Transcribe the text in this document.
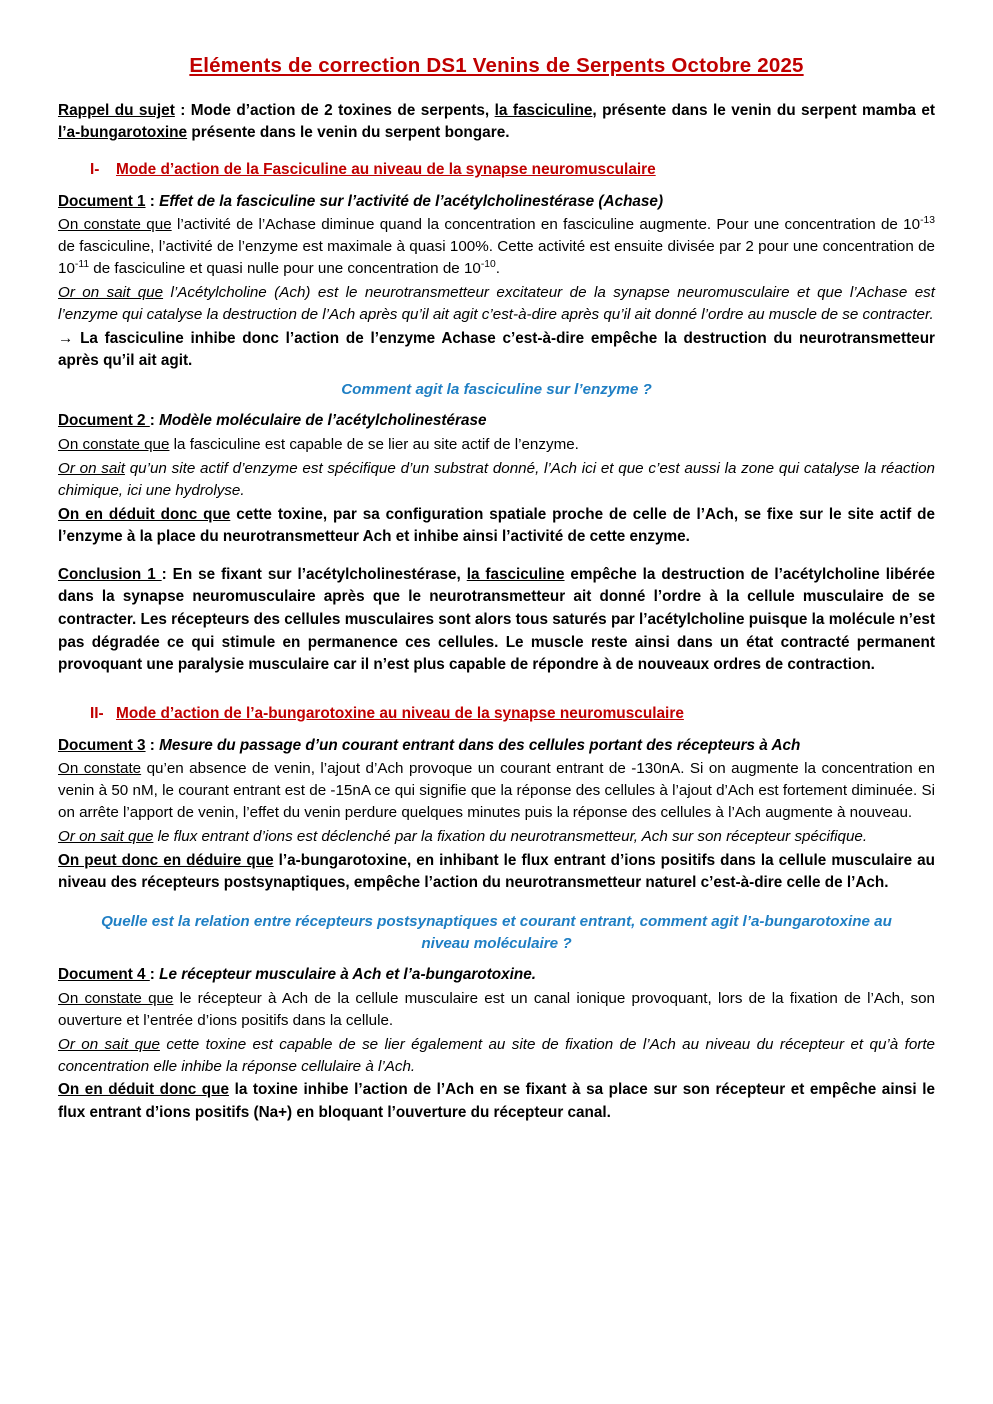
Eléments de correction DS1 Venins de Serpents Octobre 2025

Rappel du sujet : Mode d’action de 2 toxines de serpents, la fasciculine, présente dans le venin du serpent mamba et l’a-bungarotoxine présente dans le venin du serpent bongare.

I- Mode d’action de la Fasciculine au niveau de la synapse neuromusculaire

Document 1 : Effet de la fasciculine sur l’activité de l’acétylcholinestérase (Achase)

On constate que l’activité de l’Achase diminue quand la concentration en fasciculine augmente. Pour une concentration de $10^{-13}$ de fasciculine, l’activité de l’enzyme est maximale à quasi 100%. Cette activité est ensuite divisée par 2 pour une concentration de $10^{-11}$ de fasciculine et quasi nulle pour une concentration de $10^{-10}$.

Or on sait que l’Acétylcholine (Ach) est le neurotransmetteur excitateur de la synapse neuromusculaire et que l’Achase est l’enzyme qui catalyse la destruction de l’Ach après qu’il ait agit c’est-à-dire après qu’il ait donné l’ordre au muscle de se contracter.

→ La fasciculine inhibe donc l’action de l’enzyme Achase c’est-à-dire empêche la destruction du neurotransmetteur après qu’il ait agit.

Comment agit la fasciculine sur l’enzyme ?

Document 2 : Modèle moléculaire de l’acétylcholinestérase

On constate que la fasciculine est capable de se lier au site actif de l’enzyme.

Or on sait qu’un site actif d’enzyme est spécifique d’un substrat donné, l’Ach ici et que c’est aussi la zone qui catalyse la réaction chimique, ici une hydrolyse.

On en déduit donc que cette toxine, par sa configuration spatiale proche de celle de l’Ach, se fixe sur le site actif de l’enzyme à la place du neurotransmetteur Ach et inhibe ainsi l’activité de cette enzyme.

Conclusion 1 : En se fixant sur l’acétylcholinestérase, la fasciculine empêche la destruction de l’acétylcholine libérée dans la synapse neuromusculaire après que le neurotransmetteur ait donné l’ordre à la cellule musculaire de se contracter. Les récepteurs des cellules musculaires sont alors tous saturés par l’acétylcholine puisque la molécule n’est pas dégradée ce qui stimule en permanence ces cellules. Le muscle reste ainsi dans un état contracté permanent provoquant une paralysie musculaire car il n’est plus capable de répondre à de nouveaux ordres de contraction.

II- Mode d’action de l’a-bungarotoxine au niveau de la synapse neuromusculaire

Document 3 : Mesure du passage d’un courant entrant dans des cellules portant des récepteurs à Ach

On constate qu’en absence de venin, l’ajout d’Ach provoque un courant entrant de -130nA. Si on augmente la concentration en venin à 50 nM, le courant entrant est de -15nA ce qui signifie que la réponse des cellules à l’ajout d’Ach est fortement diminuée. Si on arrête l’apport de venin, l’effet du venin perdure quelques minutes puis la réponse des cellules à l’Ach augmente à nouveau.

Or on sait que le flux entrant d’ions est déclenché par la fixation du neurotransmetteur, Ach sur son récepteur spécifique.

On peut donc en déduire que l’a-bungarotoxine, en inhibant le flux entrant d’ions positifs dans la cellule musculaire au niveau des récepteurs postsynaptiques, empêche l’action du neurotransmetteur naturel c’est-à-dire celle de l’Ach.

Quelle est la relation entre récepteurs postsynaptiques et courant entrant, comment agit l’a-bungarotoxine au niveau moléculaire ?

Document 4 : Le récepteur musculaire à Ach et l’a-bungarotoxine.

On constate que le récepteur à Ach de la cellule musculaire est un canal ionique provoquant, lors de la fixation de l’Ach, son ouverture et l’entrée d’ions positifs dans la cellule.

Or on sait que cette toxine est capable de se lier également au site de fixation de l’Ach au niveau du récepteur et qu’à forte concentration elle inhibe la réponse cellulaire à l’Ach.

On en déduit donc que la toxine inhibe l’action de l’Ach en se fixant à sa place sur son récepteur et empêche ainsi le flux entrant d’ions positifs (Na+) en bloquant l’ouverture du récepteur canal.
